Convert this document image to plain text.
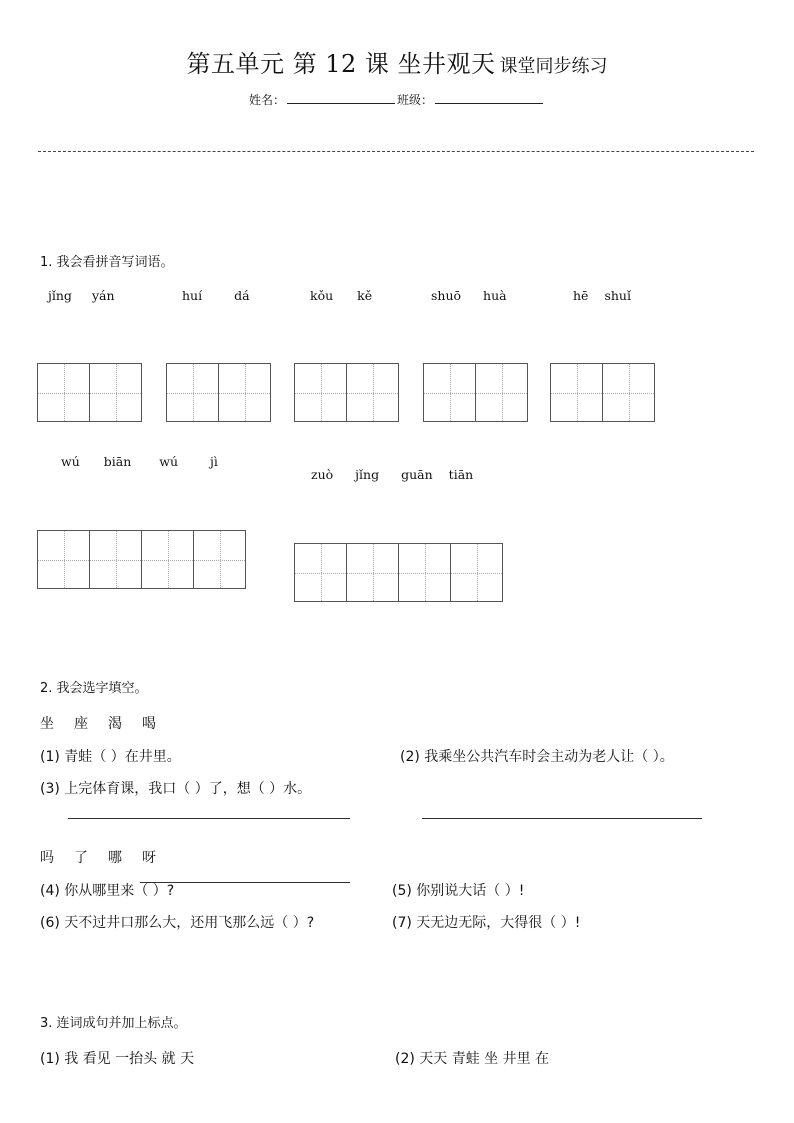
第五单元 第 12 课 坐井观天 课堂同步练习
姓名：	班级：
1. 我会看拼音写词语。
jǐng yán	huí	dá	kǒu kě	shuō huà	hē shuǐ
wú biān wú	jì
zuò jǐng guān tiān
2. 我会选字填空。
坐 座 渴 喝
(1) 青蛙（ ）在井里。	(2) 我乘坐公共汽车时会主动为老人让（ ）。
(3) 上完体育课，我口（ ）了，想（ ）水。
吗 了 哪 呀
(4) 你从哪里来（ ）?	(5) 你别说大话（ ）!
(6) 天不过井口那么大，还用飞那么远（ ）?	(7) 天无边无际，大得很（ ）!
3. 连词成句并加上标点。
(1) 我 看见 一抬头 就 天	(2) 天天 青蛙 坐 井里 在
